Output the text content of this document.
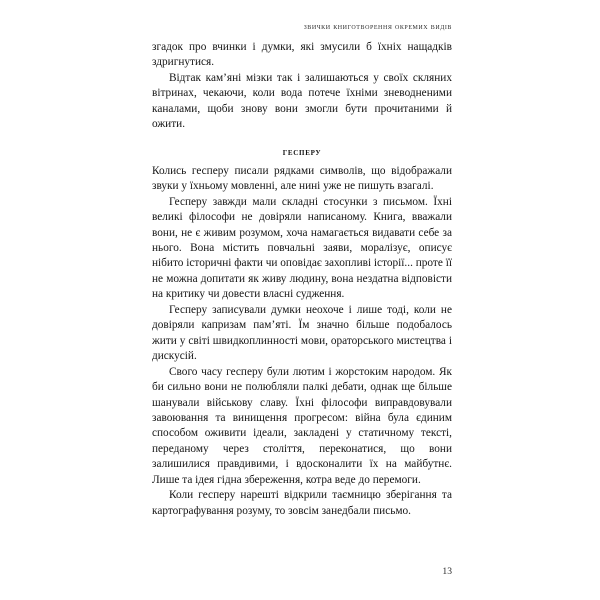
звички книготворення окремих видів

згадок про вчинки і думки, які змусили б їхніх нащадків здригнутися.

Відтак кам’яні мізки так і залишаються у своїх скляних вітринах, чекаючи, коли вода потече їхніми зневодненими каналами, щоби знову вони змогли бути прочитаними й ожити.

гесперу

Колись гесперу писали рядками символів, що відображали звуки у їхньому мовленні, але нині уже не пишуть взагалі.

Гесперу завжди мали складні стосунки з письмом. Їхні великі філософи не довіряли написаному. Книга, вважали вони, не є живим розумом, хоча намагається видавати себе за нього. Вона містить повчальні заяви, моралізує, описує нібито історичні факти чи оповідає захопливі історії... проте її не можна допитати як живу людину, вона нездатна відповісти на критику чи довести власні судження.

Гесперу записували думки неохоче і лише тоді, коли не довіряли капризам пам’яті. Їм значно більше подобалось жити у світі швидкоплинності мови, ораторського мистецтва і дискусій.

Свого часу гесперу були лютим і жорстоким народом. Як би сильно вони не полюбляли палкі дебати, однак ще більше шанували військову славу. Їхні філософи виправдовували завоювання та винищення прогресом: війна була єдиним способом оживити ідеали, закладені у статичному тексті, переданому через століття, переконатися, що вони залишилися правдивими, і вдосконалити їх на майбутнє. Лише та ідея гідна збереження, котра веде до перемоги.

Коли гесперу нарешті відкрили таємницю зберігання та картографування розуму, то зовсім занедбали письмо.

13
